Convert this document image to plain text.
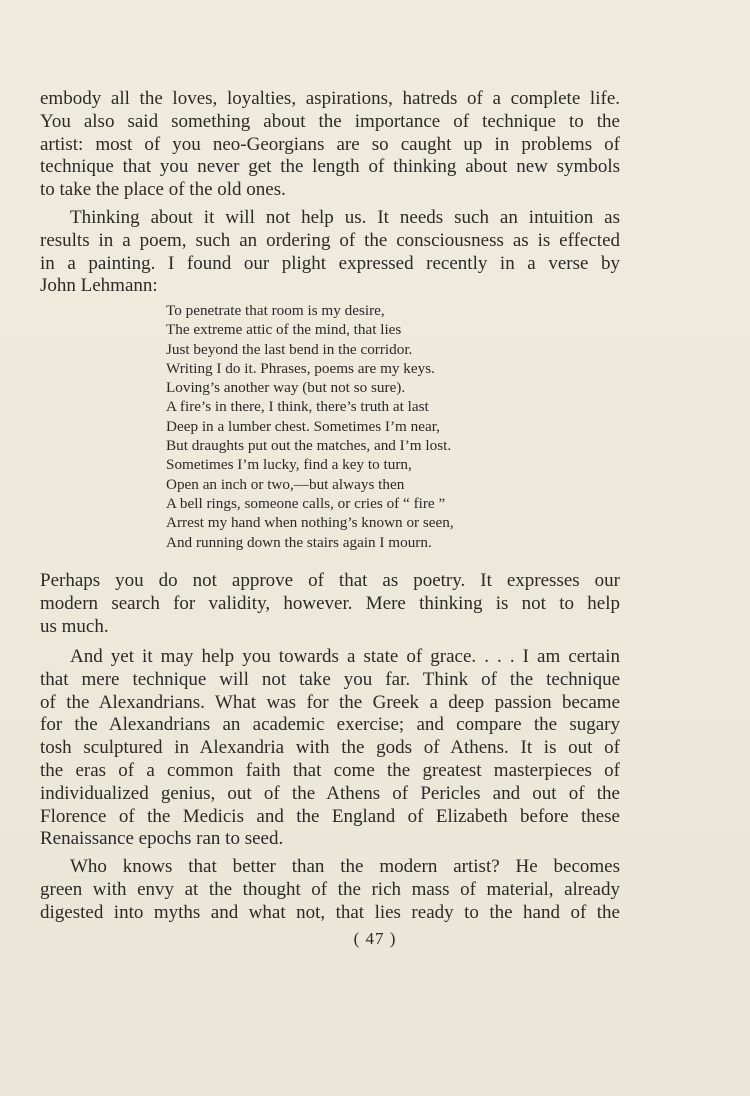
embody all the loves, loyalties, aspirations, hatreds of a complete life.
You also said something about the importance of technique to the
artist: most of you neo-Georgians are so caught up in problems of
technique that you never get the length of thinking about new symbols
to take the place of the old ones.
Thinking about it will not help us. It needs such an intuition as
results in a poem, such an ordering of the consciousness as is effected
in a painting. I found our plight expressed recently in a verse by
John Lehmann:
To penetrate that room is my desire,
The extreme attic of the mind, that lies
Just beyond the last bend in the corridor.
Writing I do it. Phrases, poems are my keys.
Loving’s another way (but not so sure).
A fire’s in there, I think, there’s truth at last
Deep in a lumber chest. Sometimes I’m near,
But draughts put out the matches, and I’m lost.
Sometimes I’m lucky, find a key to turn,
Open an inch or two,—but always then
A bell rings, someone calls, or cries of “ fire ”
Arrest my hand when nothing’s known or seen,
And running down the stairs again I mourn.
Perhaps you do not approve of that as poetry. It expresses our
modern search for validity, however. Mere thinking is not to help
us much.
And yet it may help you towards a state of grace. . . . I am certain
that mere technique will not take you far. Think of the technique
of the Alexandrians. What was for the Greek a deep passion became
for the Alexandrians an academic exercise; and compare the sugary
tosh sculptured in Alexandria with the gods of Athens. It is out of
the eras of a common faith that come the greatest masterpieces of
individualized genius, out of the Athens of Pericles and out of the
Florence of the Medicis and the England of Elizabeth before these
Renaissance epochs ran to seed.
Who knows that better than the modern artist? He becomes
green with envy at the thought of the rich mass of material, already
digested into myths and what not, that lies ready to the hand of the
( 47 )
